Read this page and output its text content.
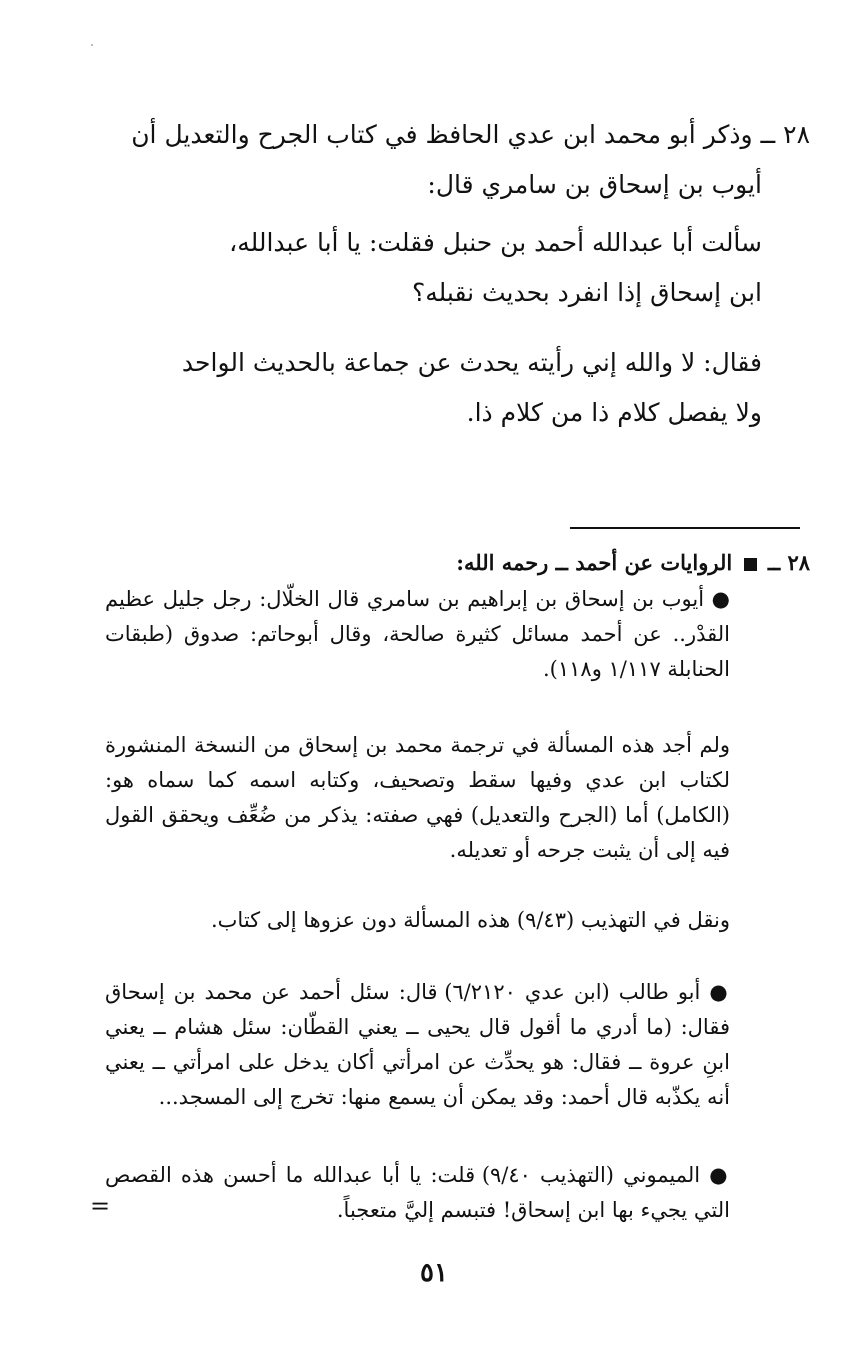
٢٨ ــ وذكر أبو محمد ابن عدي الحافظ في كتاب الجرح والتعديل أن
أيوب بن إسحاق بن سامري قال:
سألت أبا عبدالله أحمد بن حنبل فقلت: يا أبا عبدالله،
ابن إسحاق إذا انفرد بحديث نقبله؟
فقال: لا والله إني رأيته يحدث عن جماعة بالحديث الواحد
ولا يفصل كلام ذا من كلام ذا.
٢٨ ــ  الروايات عن أحمد ــ رحمه الله:
● أيوب بن إسحاق بن إبراهيم بن سامري قال الخلّال: رجل جليل عظيم القدْر.. عن أحمد مسائل كثيرة صالحة، وقال أبوحاتم: صدوق (طبقات الحنابلة ١/١١٧ و١١٨).
ولم أجد هذه المسألة في ترجمة محمد بن إسحاق من النسخة المنشورة لكتاب ابن عدي وفيها سقط وتصحيف، وكتابه اسمه كما سماه هو: (الكامل) أما (الجرح والتعديل) فهي صفته: يذكر من ضُعِّف ويحقق القول فيه إلى أن يثبت جرحه أو تعديله.
ونقل في التهذيب (٩/٤٣) هذه المسألة دون عزوها إلى كتاب.
● أبو طالب (ابن عدي ٦/٢١٢٠) قال: سئل أحمد عن محمد بن إسحاق فقال: (ما أدري ما أقول قال يحيى ــ يعني القطّان: سئل هشام ــ يعني ابنِ عروة ــ فقال: هو يحدِّث عن امرأتي أكان يدخل على امرأتي ــ يعني أنه يكذّبه قال أحمد: وقد يمكن أن يسمع منها: تخرج إلى المسجد...
● الميموني (التهذيب ٩/٤٠) قلت: يا أبا عبدالله ما أحسن هذه القصص التي يجيء بها ابن إسحاق! فتبسم إليَّ متعجباً.
=
٥١
